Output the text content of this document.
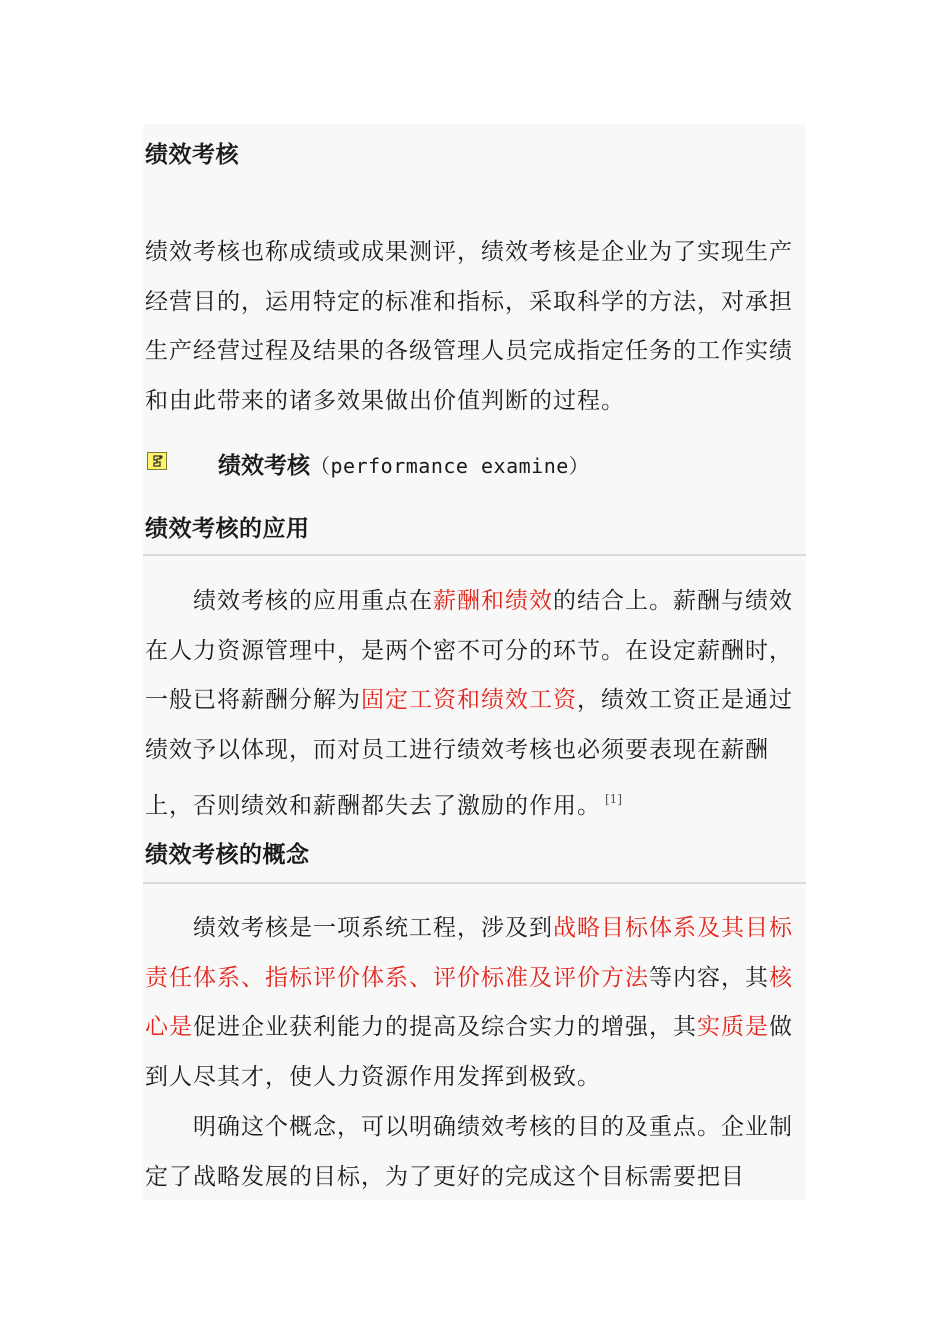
绩效考核
绩效考核也称成绩或成果测评，绩效考核是企业为了实现生产经营目的，运用特定的标准和指标，采取科学的方法，对承担生产经营过程及结果的各级管理人员完成指定任务的工作实绩和由此带来的诸多效果做出价值判断的过程。
绩效考核（performance examine）
绩效考核的应用
绩效考核的应用重点在薪酬和绩效的结合上。薪酬与绩效在人力资源管理中，是两个密不可分的环节。在设定薪酬时，一般已将薪酬分解为固定工资和绩效工资，绩效工资正是通过绩效予以体现，而对员工进行绩效考核也必须要表现在薪酬上，否则绩效和薪酬都失去了激励的作用。 [1]
绩效考核的概念
绩效考核是一项系统工程，涉及到战略目标体系及其目标责任体系、指标评价体系、评价标准及评价方法等内容，其核心是促进企业获利能力的提高及综合实力的增强，其实质是做到人尽其才，使人力资源作用发挥到极致。
明确这个概念，可以明确绩效考核的目的及重点。企业制定了战略发展的目标，为了更好的完成这个目标需要把目
